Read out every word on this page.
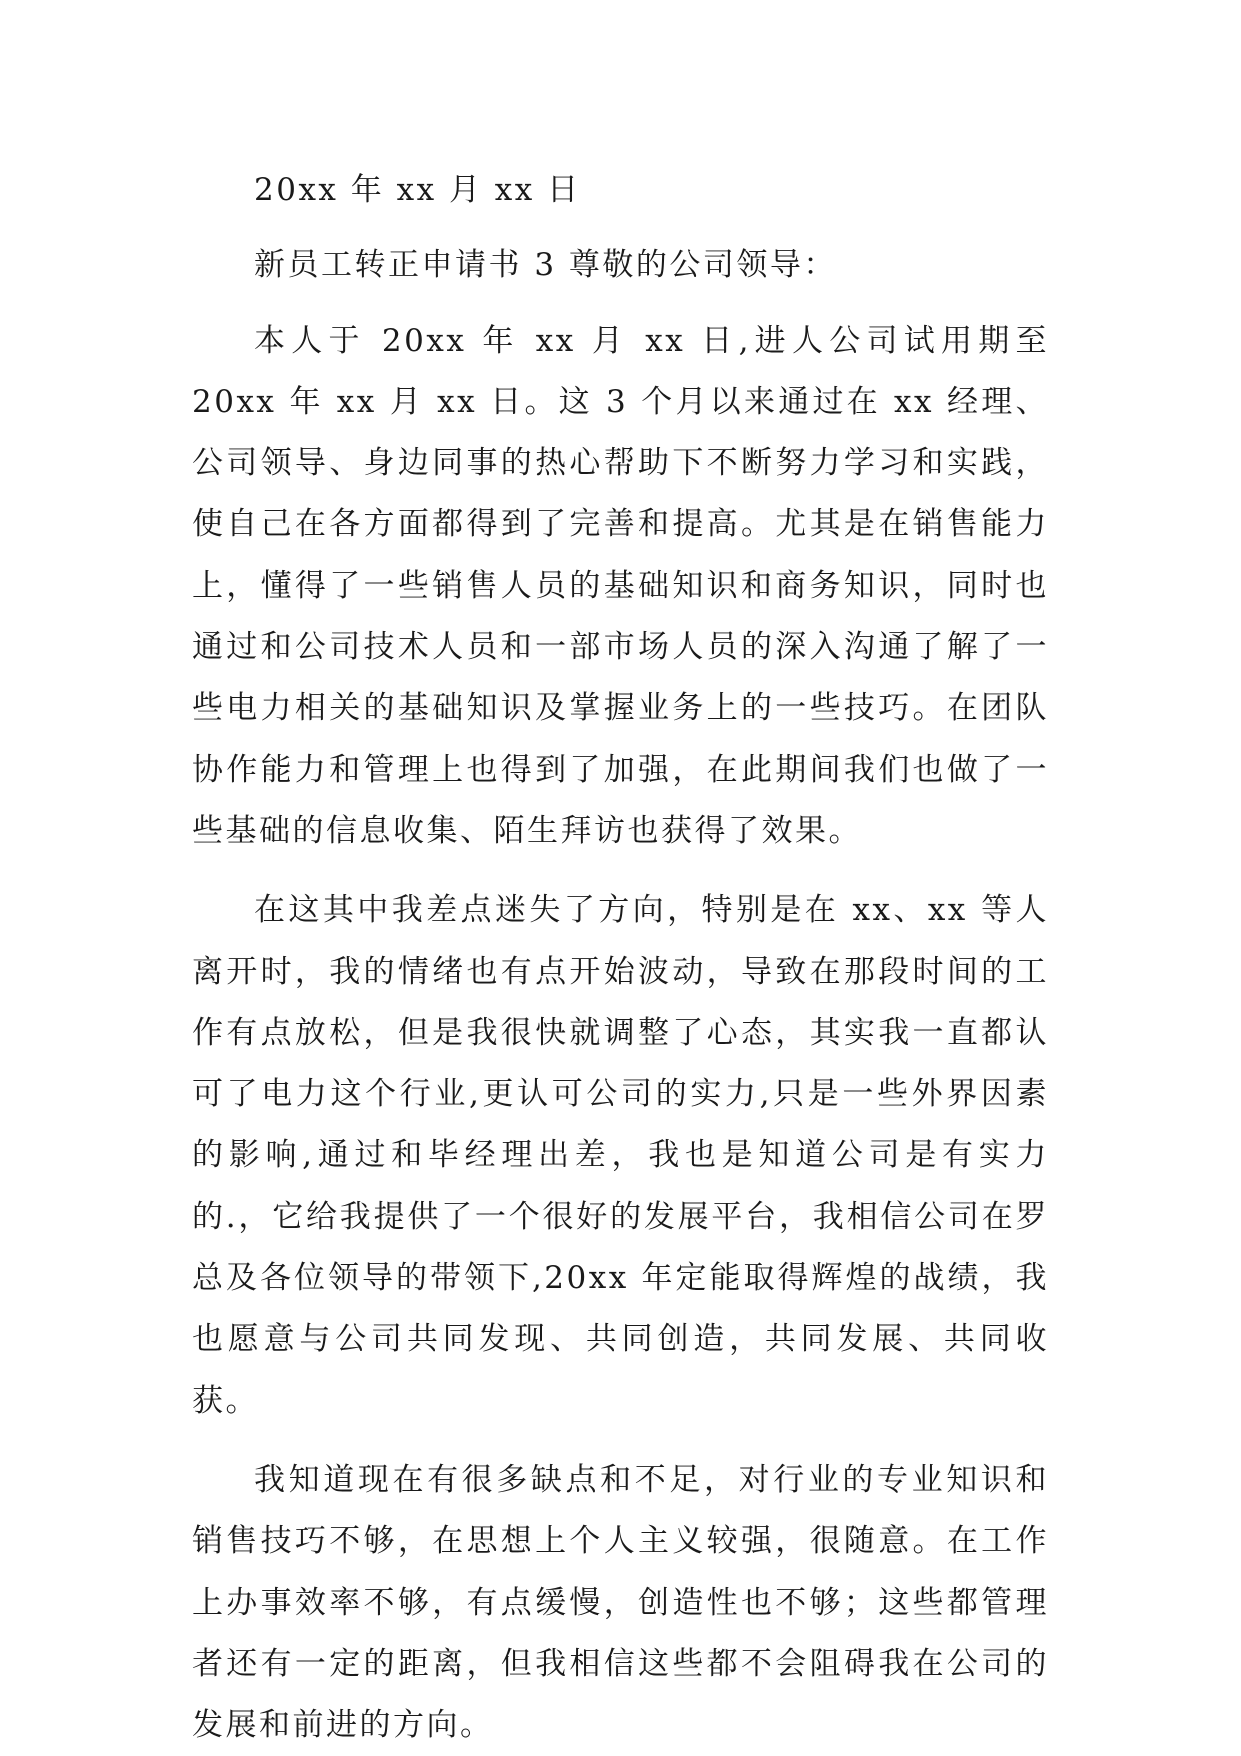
20xx 年 xx 月 xx 日

新员工转正申请书 3 尊敬的公司领导：

本人于 20xx 年 xx 月 xx 日,进人公司试用期至 20xx 年 xx 月 xx 日。这 3 个月以来通过在 xx 经理、公司领导、身边同事的热心帮助下不断努力学习和实践，使自己在各方面都得到了完善和提高。尤其是在销售能力上，懂得了一些销售人员的基础知识和商务知识，同时也通过和公司技术人员和一部市场人员的深入沟通了解了一些电力相关的基础知识及掌握业务上的一些技巧。在团队协作能力和管理上也得到了加强，在此期间我们也做了一些基础的信息收集、陌生拜访也获得了效果。

在这其中我差点迷失了方向，特别是在 xx、xx 等人离开时，我的情绪也有点开始波动，导致在那段时间的工作有点放松，但是我很快就调整了心态，其实我一直都认可了电力这个行业,更认可公司的实力,只是一些外界因素的影响,通过和毕经理出差，我也是知道公司是有实力的.，它给我提供了一个很好的发展平台，我相信公司在罗总及各位领导的带领下,20xx 年定能取得辉煌的战绩，我也愿意与公司共同发现、共同创造，共同发展、共同收获。

我知道现在有很多缺点和不足，对行业的专业知识和销售技巧不够，在思想上个人主义较强，很随意。在工作上办事效率不够，有点缓慢，创造性也不够；这些都管理者还有一定的距离，但我相信这些都不会阻碍我在公司的发展和前进的方向。
